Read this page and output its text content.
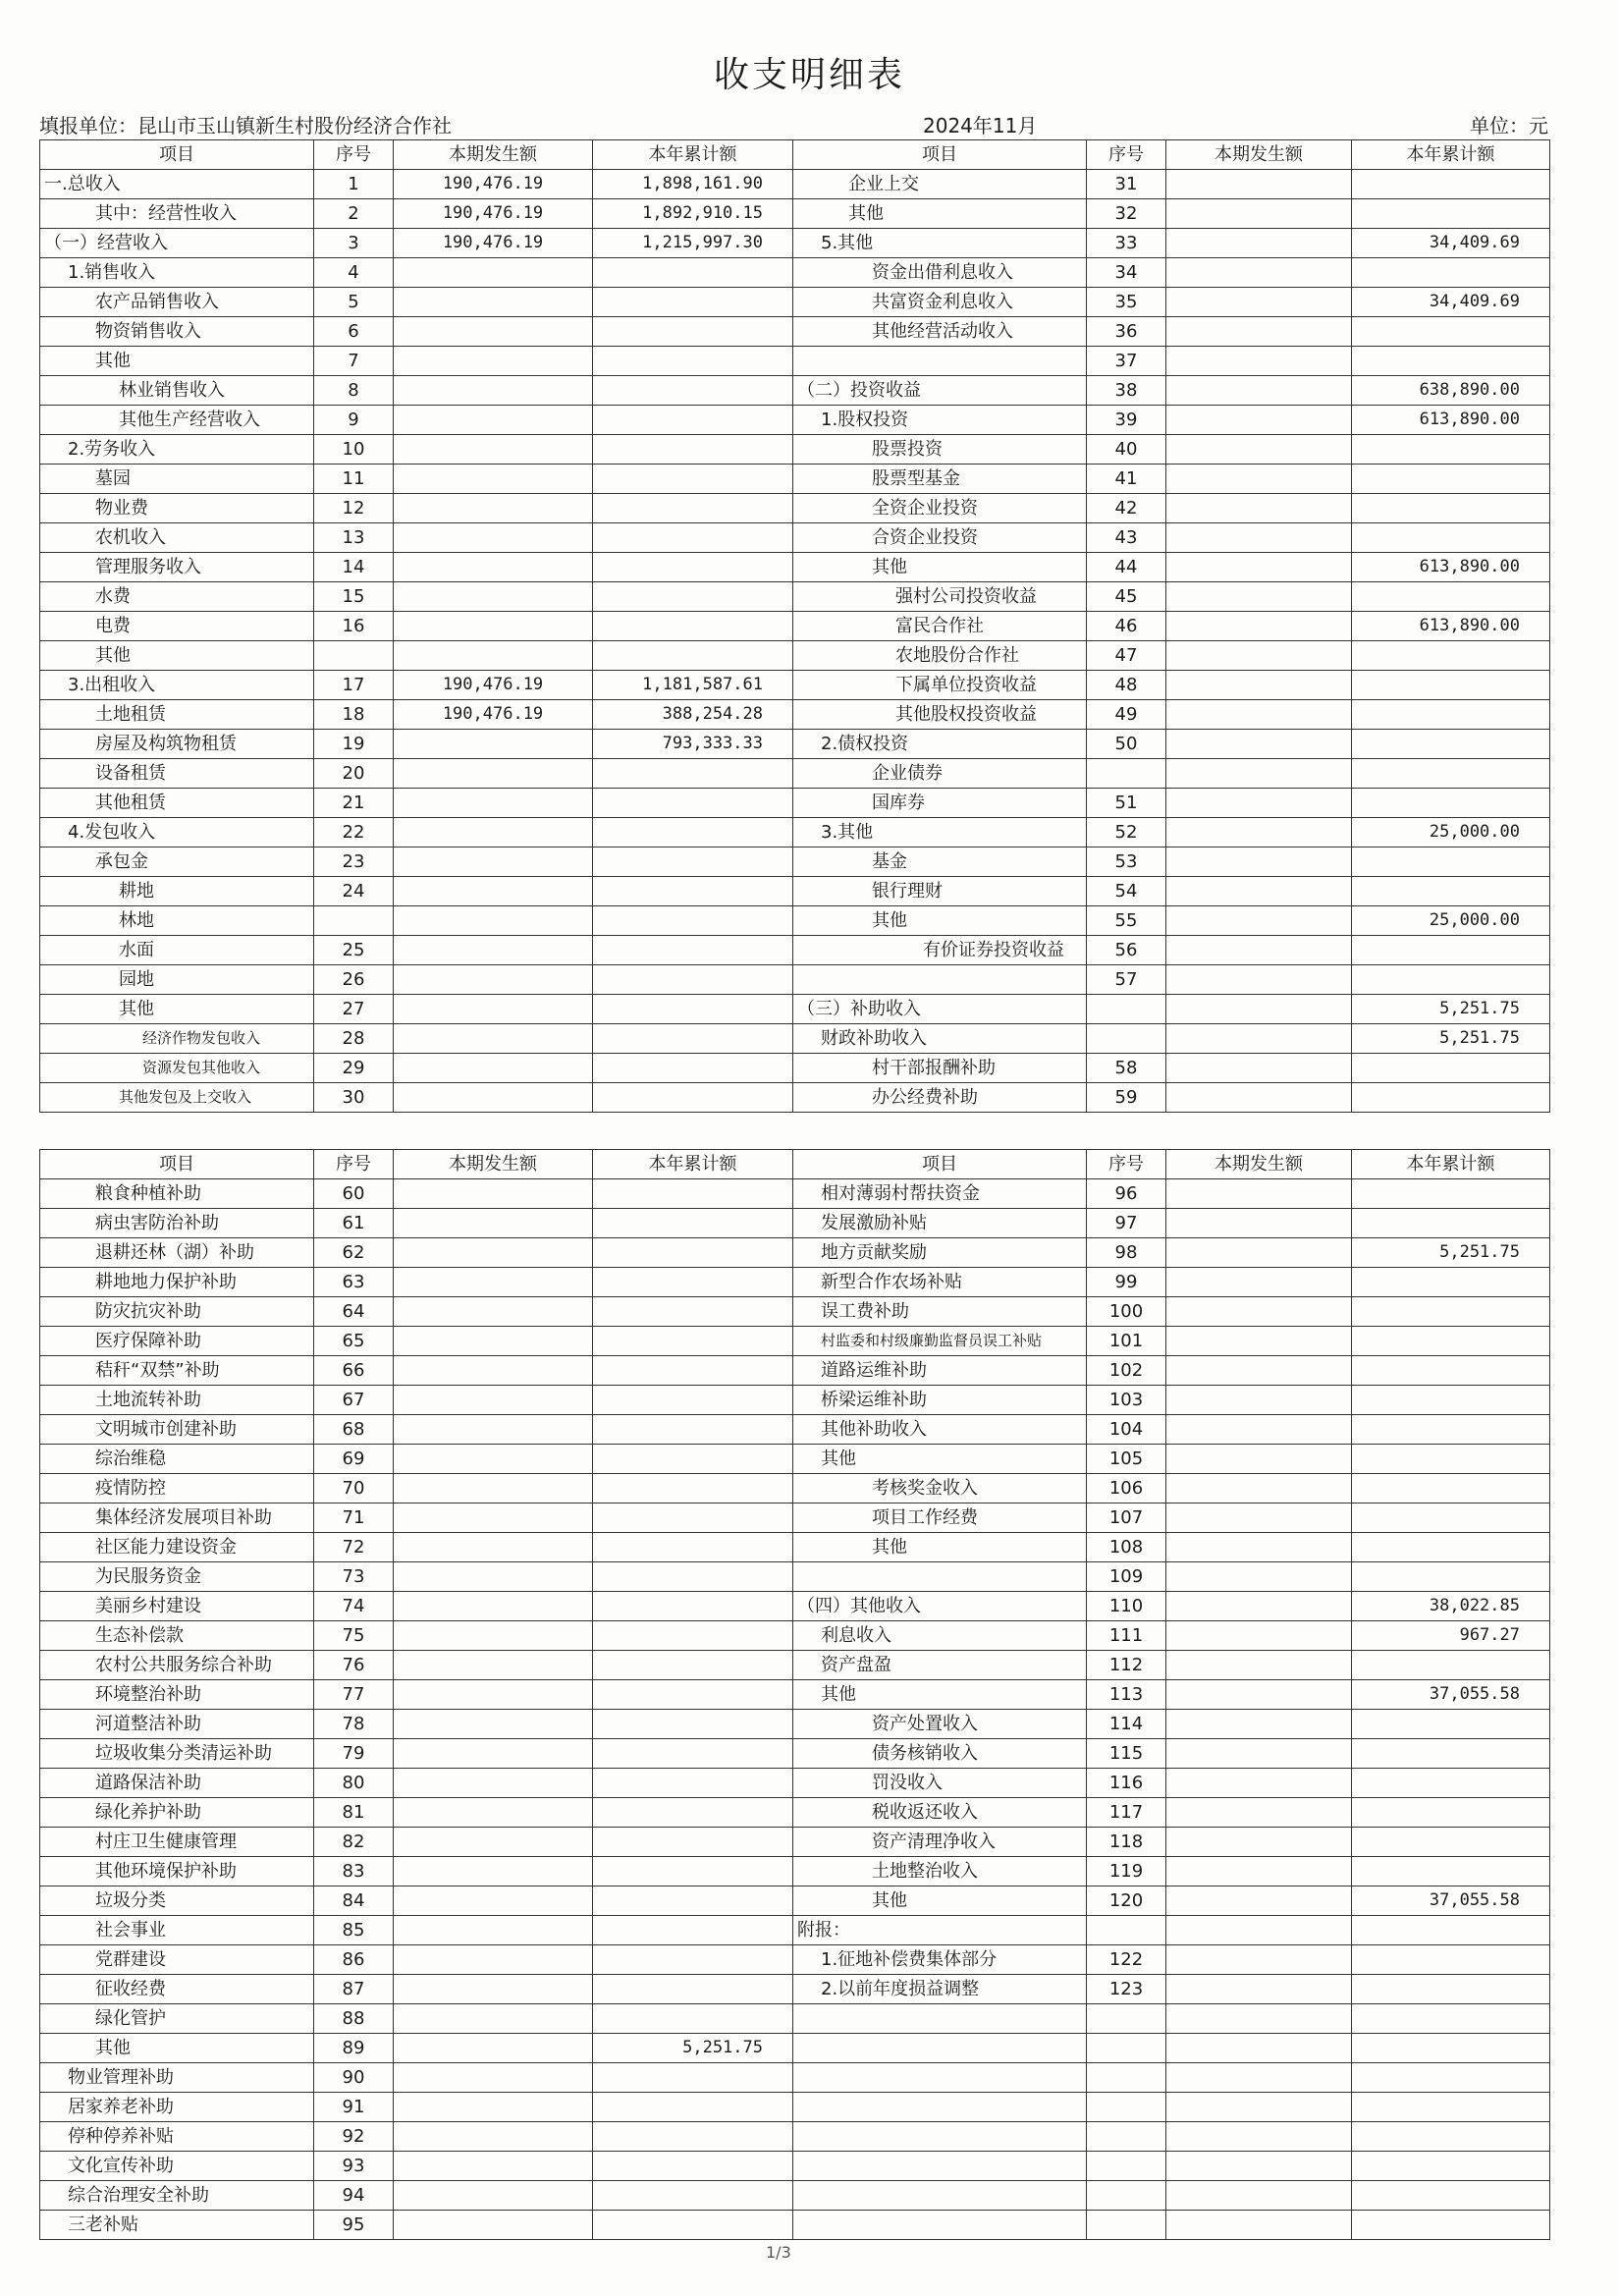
收支明细表
填报单位：昆山市玉山镇新生村股份经济合作社	2024年11月	单位：元
项目	序号	本期发生额	本年累计额	项目	序号	本期发生额	本年累计额
一.总收入	1	190,476.19	1,898,161.90	企业上交	31		
其中：经营性收入	2	190,476.19	1,892,910.15	其他	32		
（一）经营收入	3	190,476.19	1,215,997.30	5.其他	33		34,409.69
1.销售收入	4			资金出借利息收入	34		
农产品销售收入	5			共富资金利息收入	35		34,409.69
物资销售收入	6			其他经营活动收入	36		
其他	7				37		
林业销售收入	8			（二）投资收益	38		638,890.00
其他生产经营收入	9			1.股权投资	39		613,890.00
2.劳务收入	10			股票投资	40		
墓园	11			股票型基金	41		
物业费	12			全资企业投资	42		
农机收入	13			合资企业投资	43		
管理服务收入	14			其他	44		613,890.00
水费	15			强村公司投资收益	45		
电费	16			富民合作社	46		613,890.00
其他				农地股份合作社	47		
3.出租收入	17	190,476.19	1,181,587.61	下属单位投资收益	48		
土地租赁	18	190,476.19	388,254.28	其他股权投资收益	49		
房屋及构筑物租赁	19		793,333.33	2.债权投资	50		
设备租赁	20			企业债券			
其他租赁	21			国库券	51		
4.发包收入	22			3.其他	52		25,000.00
承包金	23			基金	53		
耕地	24			银行理财	54		
林地				其他	55		25,000.00
水面	25			有价证券投资收益	56		
园地	26				57		
其他	27			（三）补助收入			5,251.75
经济作物发包收入	28			财政补助收入			5,251.75
资源发包其他收入	29			村干部报酬补助	58		
其他发包及上交收入	30			办公经费补助	59		
项目	序号	本期发生额	本年累计额	项目	序号	本期发生额	本年累计额
粮食种植补助	60			相对薄弱村帮扶资金	96		
病虫害防治补助	61			发展激励补贴	97		
退耕还林（湖）补助	62			地方贡献奖励	98		5,251.75
耕地地力保护补助	63			新型合作农场补贴	99		
防灾抗灾补助	64			误工费补助	100		
医疗保障补助	65			村监委和村级廉勤监督员误工补贴	101		
秸秆“双禁”补助	66			道路运维补助	102		
土地流转补助	67			桥梁运维补助	103		
文明城市创建补助	68			其他补助收入	104		
综治维稳	69			其他	105		
疫情防控	70			考核奖金收入	106		
集体经济发展项目补助	71			项目工作经费	107		
社区能力建设资金	72			其他	108		
为民服务资金	73				109		
美丽乡村建设	74			（四）其他收入	110		38,022.85
生态补偿款	75			利息收入	111		967.27
农村公共服务综合补助	76			资产盘盈	112		
环境整治补助	77			其他	113		37,055.58
河道整洁补助	78			资产处置收入	114		
垃圾收集分类清运补助	79			债务核销收入	115		
道路保洁补助	80			罚没收入	116		
绿化养护补助	81			税收返还收入	117		
村庄卫生健康管理	82			资产清理净收入	118		
其他环境保护补助	83			土地整治收入	119		
垃圾分类	84			其他	120		37,055.58
社会事业	85			附报：			
党群建设	86			1.征地补偿费集体部分	122		
征收经费	87			2.以前年度损益调整	123		
绿化管护	88						
其他	89		5,251.75				
物业管理补助	90						
居家养老补助	91						
停种停养补贴	92						
文化宣传补助	93						
综合治理安全补助	94						
三老补贴	95						
1/3
